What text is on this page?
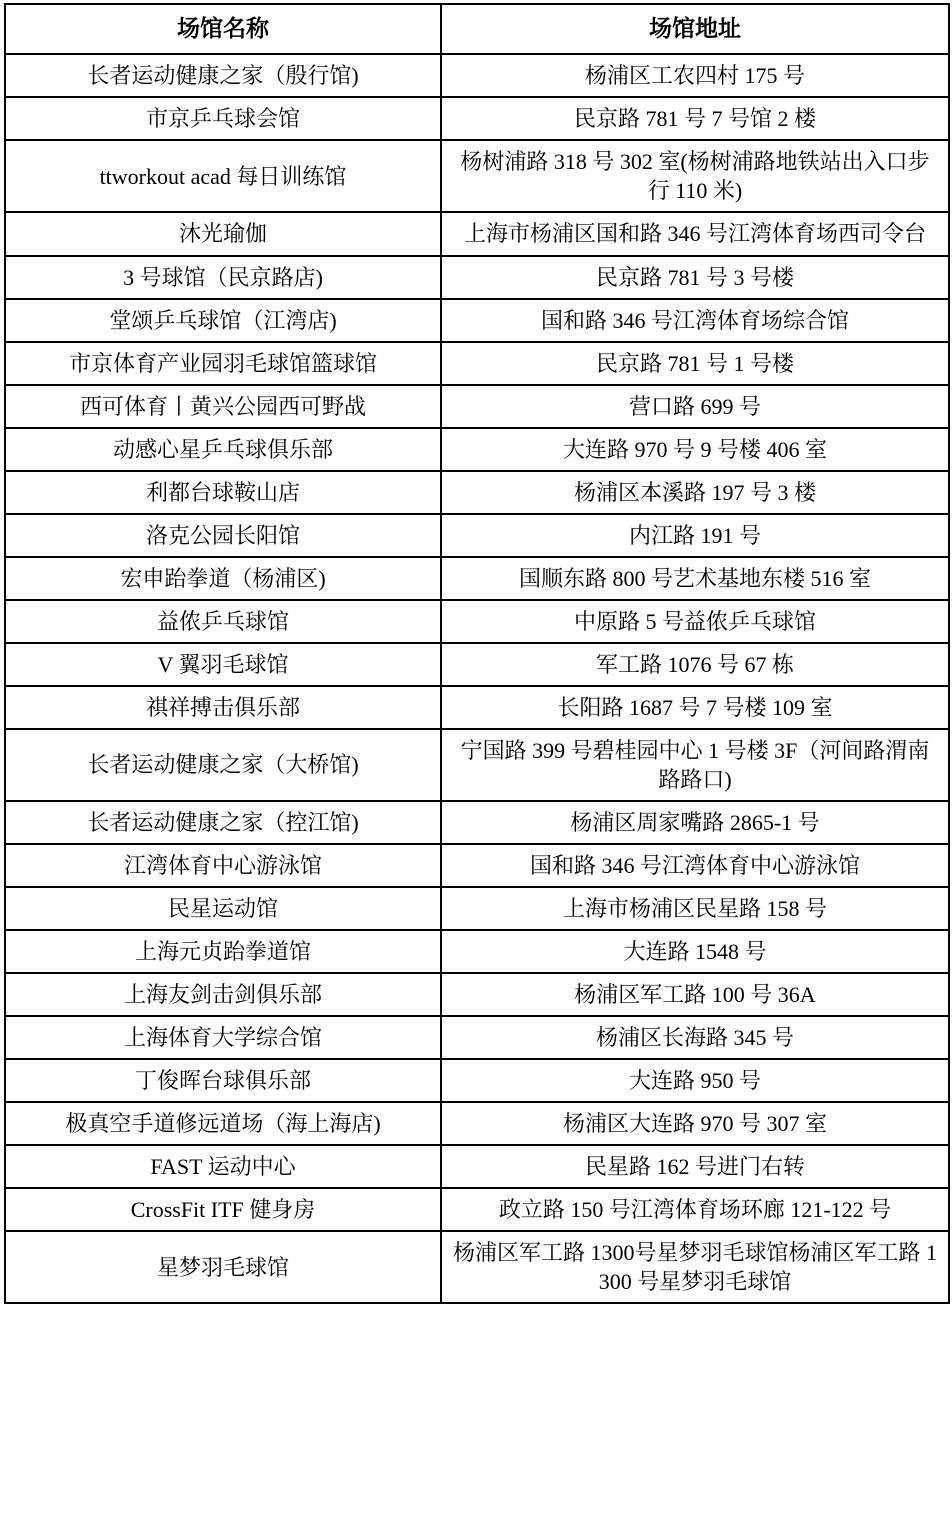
场馆名称	场馆地址

长者运动健康之家（殷行馆)	杨浦区工农四村 175 号

市京乒乓球会馆	民京路 781 号 7 号馆 2 楼

ttworkout acad 每日训练馆	杨树浦路 318 号 302 室(杨树浦路地铁站出入口步行 110 米)

沐光瑜伽	上海市杨浦区国和路 346 号江湾体育场西司令台

3 号球馆（民京路店)	民京路 781 号 3 号楼

堂颂乒乓球馆（江湾店)	国和路 346 号江湾体育场综合馆

市京体育产业园羽毛球馆篮球馆	民京路 781 号 1 号楼

西可体育丨黄兴公园西可野战	营口路 699 号

动感心星乒乓球俱乐部	大连路 970 号 9 号楼 406 室

利都台球鞍山店	杨浦区本溪路 197 号 3 楼

洛克公园长阳馆	内江路 191 号

宏申跆拳道（杨浦区)	国顺东路 800 号艺术基地东楼 516 室

益侬乒乓球馆	中原路 5 号益侬乒乓球馆

V 翼羽毛球馆	军工路 1076 号 67 栋

祺祥搏击俱乐部	长阳路 1687 号 7 号楼 109 室

长者运动健康之家（大桥馆)	宁国路 399 号碧桂园中心 1 号楼 3F（河间路渭南路路口)

长者运动健康之家（控江馆)	杨浦区周家嘴路 2865-1 号

江湾体育中心游泳馆	国和路 346 号江湾体育中心游泳馆

民星运动馆	上海市杨浦区民星路 158 号

上海元贞跆拳道馆	大连路 1548 号

上海友剑击剑俱乐部	杨浦区军工路 100 号 36A

上海体育大学综合馆	杨浦区长海路 345 号

丁俊晖台球俱乐部	大连路 950 号

极真空手道修远道场（海上海店)	杨浦区大连路 970 号 307 室

FAST 运动中心	民星路 162 号进门右转

CrossFit ITF 健身房	政立路 150 号江湾体育场环廊 121-122 号

星梦羽毛球馆	杨浦区军工路 1300号星梦羽毛球馆杨浦区军工路 1300 号星梦羽毛球馆
